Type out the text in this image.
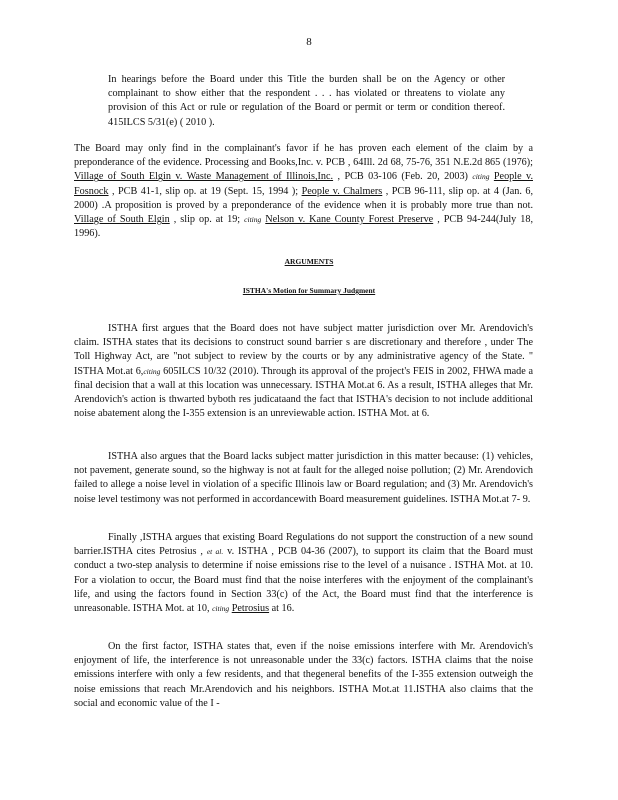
8

In hearings before the Board under this Title the burden shall be on the Agency or other complainant to show either that the respondent . . . has violated or threatens to violate any provision of this Act or rule or regulation of the Board or permit or term or condition thereof. 415ILCS 5/31(e) ( 2010 ).

The Board may only find in the complainant's favor if he has proven each element of the claim by a preponderance of the evidence. Processing and Books,Inc. v. PCB , 64Ill. 2d 68, 75-76, 351 N.E.2d 865 (1976); Village of South Elgin v. Waste Management of Illinois,Inc. , PCB 03-106 (Feb. 20, 2003) citing People v. Fosnock , PCB 41-1, slip op. at 19 (Sept. 15, 1994 ); People v. Chalmers , PCB 96-111, slip op. at 4 (Jan. 6, 2000) .A proposition is proved by a preponderance of the evidence when it is probably more true than not. Village of South Elgin , slip op. at 19; citing Nelson v. Kane County Forest Preserve , PCB 94-244(July 18, 1996).

ARGUMENTS
ISTHA's Motion for Summary Judgment
ISTHA first argues that the Board does not have subject matter jurisdiction over Mr. Arendovich's claim. ISTHA states that its decisions to construct sound barrier s are discretionary and therefore , under The Toll Highway Act, are "not subject to review by the courts or by any administrative agency of the State. " ISTHA Mot.at 6,citing 605ILCS 10/32 (2010). Through its approval of the project's FEIS in 2002, FHWA made a final decision that a wall at this location was unnecessary. ISTHA Mot.at 6. As a result, ISTHA alleges that Mr. Arendovich's action is thwarted byboth res judicataand the fact that ISTHA's decision to not include additional noise abatement along the I-355 extension is an unreviewable action. ISTHA Mot. at 6.
ISTHA also argues that the Board lacks subject matter jurisdiction in this matter because: (1) vehicles, not pavement, generate sound, so the highway is not at fault for the alleged noise pollution; (2) Mr. Arendovich failed to allege a noise level in violation of a specific Illinois law or Board regulation; and (3) Mr. Arendovich's noise level testimony was not performed in accordancewith Board measurement guidelines. ISTHA Mot.at 7- 9.
Finally ,ISTHA argues that existing Board Regulations do not support the construction of a new sound barrier.ISTHA cites Petrosius , et al. v. ISTHA , PCB 04-36 (2007), to support its claim that the Board must conduct a two-step analysis to determine if noise emissions rise to the level of a nuisance . ISTHA Mot. at 10. For a violation to occur, the Board must find that the noise interferes with the enjoyment of the complainant's life, and using the factors found in Section 33(c) of the Act, the Board must find that the interference is unreasonable. ISTHA Mot. at 10, citing Petrosius at 16.
On the first factor, ISTHA states that, even if the noise emissions interfere with Mr. Arendovich's enjoyment of life, the interference is not unreasonable under the 33(c) factors. ISTHA claims that the noise emissions interfere with only a few residents, and that thegeneral benefits of the I-355 extension outweigh the noise emissions that reach Mr.Arendovich and his neighbors. ISTHA Mot.at 11.ISTHA also claims that the social and economic value of the I -
